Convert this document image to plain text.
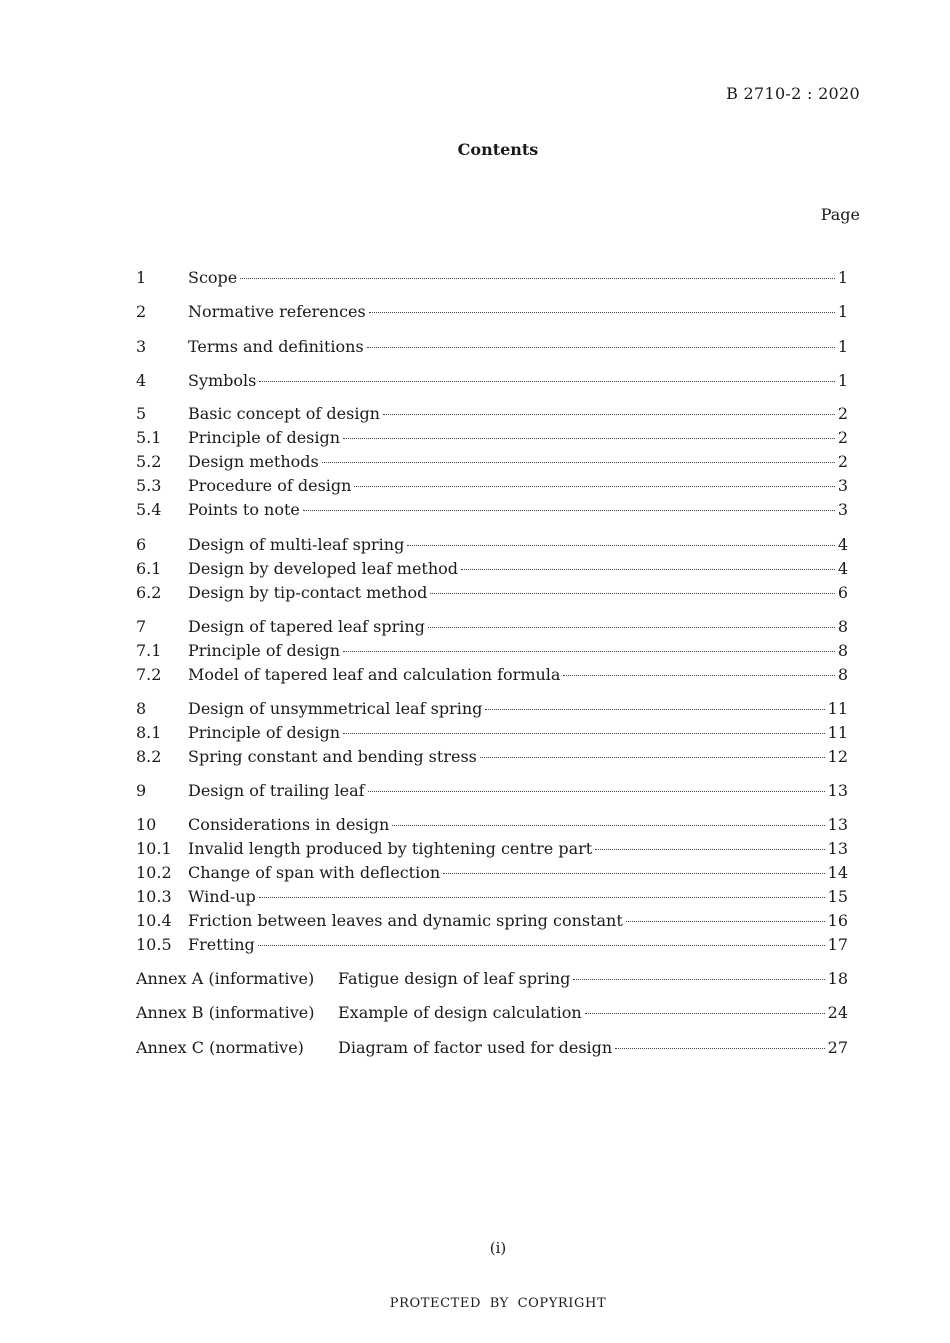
B 2710-2 : 2020
Contents
Page
1	Scope	1
2	Normative references	1
3	Terms and definitions	1
4	Symbols	1
5	Basic concept of design	2
5.1	Principle of design	2
5.2	Design methods	2
5.3	Procedure of design	3
5.4	Points to note	3
6	Design of multi-leaf spring	4
6.1	Design by developed leaf method	4
6.2	Design by tip-contact method	6
7	Design of tapered leaf spring	8
7.1	Principle of design	8
7.2	Model of tapered leaf and calculation formula	8
8	Design of unsymmetrical leaf spring	11
8.1	Principle of design	11
8.2	Spring constant and bending stress	12
9	Design of trailing leaf	13
10	Considerations in design	13
10.1	Invalid length produced by tightening centre part	13
10.2	Change of span with deflection	14
10.3	Wind-up	15
10.4	Friction between leaves and dynamic spring constant	16
10.5	Fretting	17
Annex A (informative)	Fatigue design of leaf spring	18
Annex B (informative)	Example of design calculation	24
Annex C (normative)	Diagram of factor used for design	27
(i)
PROTECTED BY COPYRIGHT
